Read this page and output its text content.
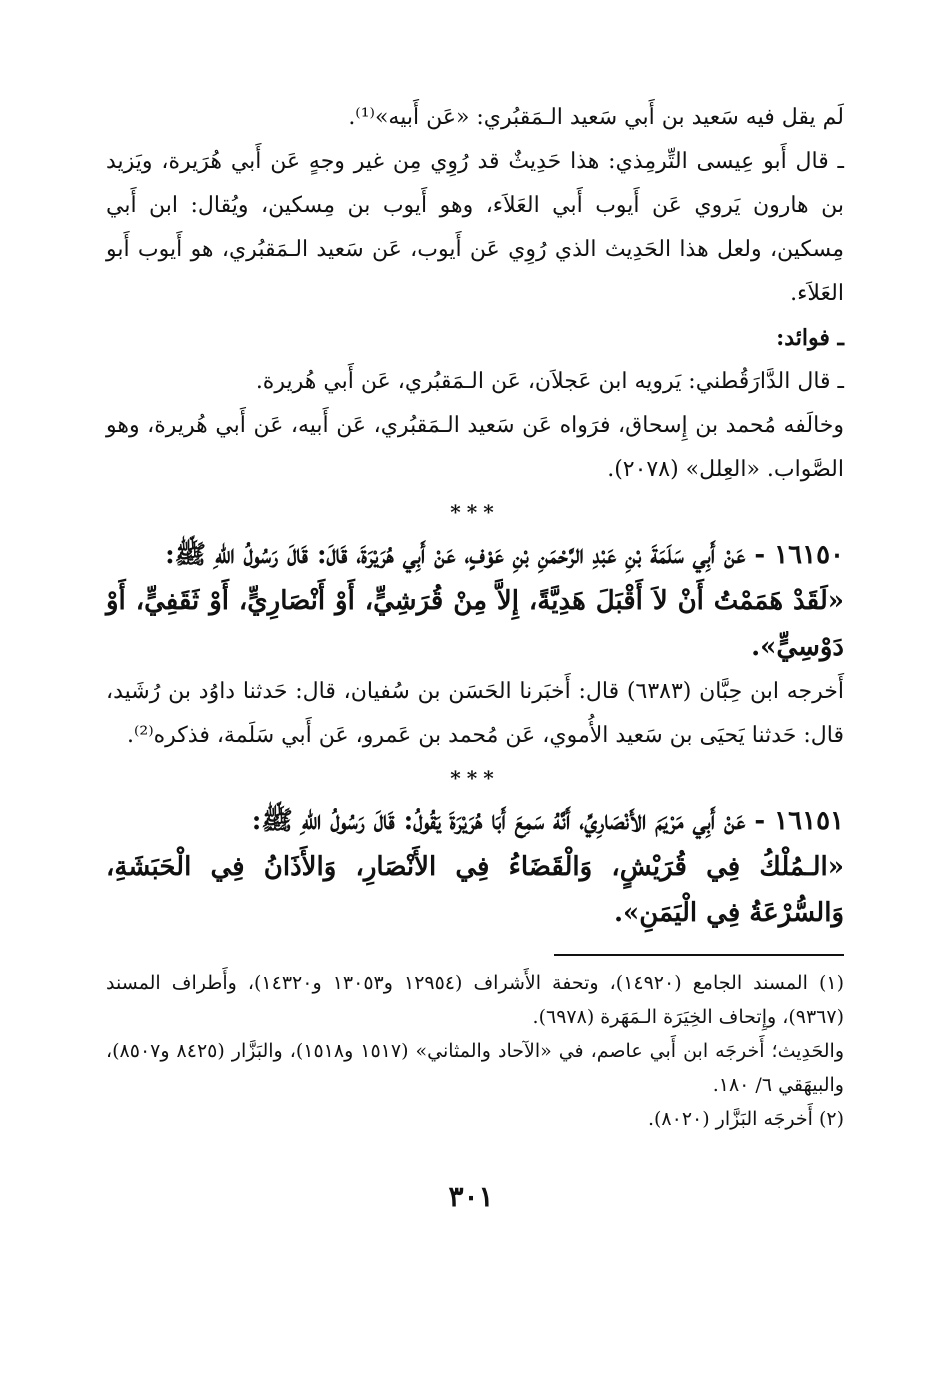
لَم يقل فيه سَعيد بن أَبي سَعيد الـمَقبُري: «عَن أَبيه»⁽¹⁾.

ـ قال أَبو عِيسى التِّرمِذي: هذا حَدِيثٌ قد رُوِي مِن غير وجهٍ عَن أَبي هُرَيرة، ويَزيد بن هارون يَروي عَن أَيوب أَبي العَلاَء، وهو أَيوب بن مِسكين، ويُقال: ابن أَبي مِسكين، ولعل هذا الحَدِيث الذي رُوِي عَن أَيوب، عَن سَعيد الـمَقبُري، هو أَيوب أَبو العَلاَء.

ـ فوائد:

ـ قال الدَّارَقُطني: يَرويه ابن عَجلاَن، عَن الـمَقبُري، عَن أَبي هُريرة.

وخالَفه مُحمد بن إِسحاق، فرَواه عَن سَعيد الـمَقبُري، عَن أَبيه، عَن أَبي هُريرة، وهو الصَّواب. «العِلل» (٢٠٧٨).

***

١٦١٥٠ - عَنْ أَبِي سَلَمَةَ بْنِ عَبْدِ الرَّحْمَنِ بْنِ عَوْفٍ، عَنْ أَبِي هُرَيْرَةَ، قَالَ: قَالَ رَسُولُ اللهِ ﷺ:

«لَقَدْ هَمَمْتُ أَنْ لاَ أَقْبَلَ هَدِيَّةً، إِلاَّ مِنْ قُرَشِيٍّ، أَوْ أَنْصَارِيٍّ، أَوْ ثَقَفِيٍّ، أَوْ دَوْسِيٍّ».

أَخرجه ابن حِبَّان (٦٣٨٣) قال: أَخبَرنا الحَسَن بن سُفيان، قال: حَدثنا داوُد بن رُشَيد، قال: حَدثنا يَحيَى بن سَعيد الأُموي، عَن مُحمد بن عَمرو، عَن أَبي سَلَمة، فذكره⁽²⁾.

***

١٦١٥١ - عَنْ أَبِي مَرْيَمَ الأَنْصَارِيِّ، أَنَّهُ سَمِعَ أَبَا هُرَيْرَةَ يَقُولُ: قَالَ رَسُولُ اللهِ ﷺ:

«الـمُلْكُ فِي قُرَيْشٍ، وَالْقَضَاءُ فِي الأَنْصَارِ، وَالأَذَانُ فِي الْحَبَشَةِ، وَالسُّرْعَةُ فِي الْيَمَنِ».

(١) المسند الجامع (١٤٩٢٠)، وتحفة الأَشراف (١٢٩٥٤ و١٣٠٥٣ و١٤٣٢٠)، وأَطراف المسند (٩٣٦٧)، وإِتحاف الخِيَرَة الـمَهَرة (٦٩٧٨).

والحَدِيث؛ أَخرجَه ابن أَبي عاصم، في «الآحاد والمثاني» (١٥١٧ و١٥١٨)، والبَزَّار (٨٤٢٥ و٨٥٠٧)، والبيهَقي ٦/ ١٨٠.

(٢) أَخرجَه البَزَّار (٨٠٢٠).

٣٠١
